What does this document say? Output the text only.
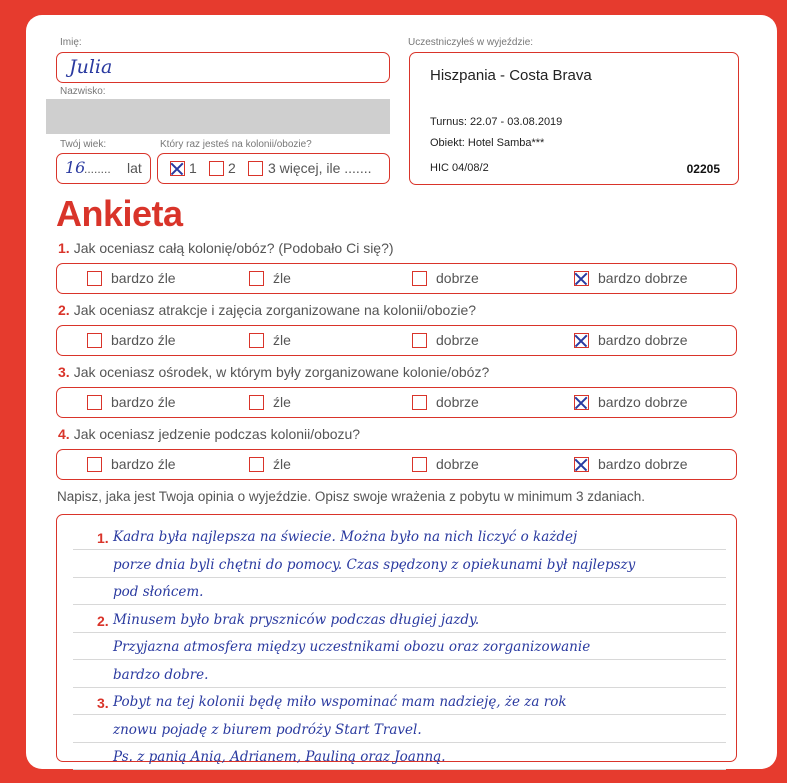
Imię:
Julia
Nazwisko:
Twój wiek:
16
........ lat
Który raz jesteś na kolonii/obozie?
1 2 3 więcej, ile .......
Uczestniczyłeś w wyjeździe:
Hiszpania - Costa Brava
Turnus: 22.07 - 03.08.2019
Obiekt: Hotel Samba***
HIC 04/08/2	02205
Ankieta
1. Jak oceniasz całą kolonię/obóz? (Podobało Ci się?)
bardzo źle	źle	dobrze	bardzo dobrze
2. Jak oceniasz atrakcje i zajęcia zorganizowane na kolonii/obozie?
bardzo źle	źle	dobrze	bardzo dobrze
3. Jak oceniasz ośrodek, w którym były zorganizowane kolonie/obóz?
bardzo źle	źle	dobrze	bardzo dobrze
4. Jak oceniasz jedzenie podczas kolonii/obozu?
bardzo źle	źle	dobrze	bardzo dobrze
Napisz, jaka jest Twoja opinia o wyjeździe. Opisz swoje wrażenia z pobytu w minimum 3 zdaniach.
Kadra była najlepsza na świecie. Można było na nich liczyć o każdej
porze dnia byli chętni do pomocy. Czas spędzony z opiekunami był najlepszy
pod słońcem.
Minusem było brak pryszniców podczas długiej jazdy.
Przyjazna atmosfera między uczestnikami obozu oraz zorganizowanie
bardzo dobre.
Pobyt na tej kolonii będę miło wspominać mam nadzieję, że za rok
znowu pojadę z biurem podróży Start Travel.
Ps. z panią Anią, Adrianem, Pauliną oraz Joanną.
1.
2.
3.
